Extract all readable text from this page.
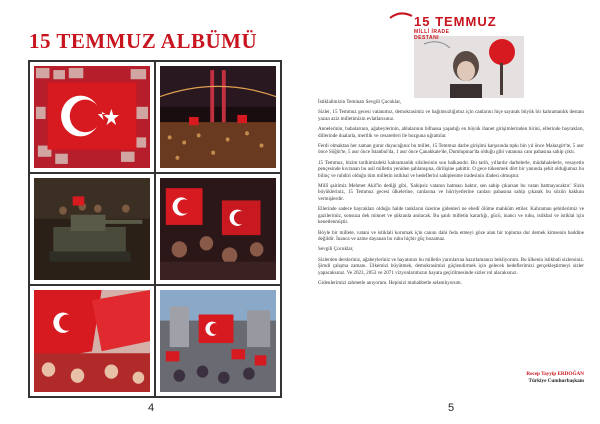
15 TEMMUZ ALBÜMÜ
4
15 TEMMUZ
MİLLİ İRADE
DESTANI

İstiklalimizin Teminatı Sevgili Çocuklar,

Sizler, 15 Temmuz gecesi vatanımız, demokrasimiz ve bağımsızlığımız için canlarını hiçe sayarak büyük bir kahramanlık destanı yazan aziz milletimizin evlatlarısınız.

Annelerinin, babalarının, ağabeylerinin, ablalarının bilhassa yaşadığı en büyük ihanet girişimlerinden birini, ellerinde bayrakları, dillerinde dualarla, mertlik ve cesaretleri ile bozguna uğrattılar.

Ferdi olmaktan her zaman gurur duyacağınız bu millet, 15 Temmuz darbe girişimi karşısında tıpkı bin yıl önce Malazgirt'te, 5 asır önce Söğüt'te, 5 asır önce İstanbul'da, 1 asır önce Çanakkale'de, Dumlupınar'da olduğu gibi vatanına canı pahasına sahip çıktı.

15 Temmuz, bizim tarihimizdeki kahramanlık silsilesinin son halkasıdır. Bu tarih, yıllardır darbelerle, müdahalelerle, vesayetin pençesinde kıvranan bu asil milletin yeniden şahlanışına, dirilişine şahittir. O gece tükenmek dört bir yanında şehit olduğumuz bu bilinç ve ruhdiri olduğu tüm milletin istikbal ve hedeflerini sahiplenme iradesinin ifadesi olmuştur.

Millî şairimiz Mehmet Akif'in dediği gibi, 'Sahipsiz vatanın batması haktır, sen sahip çıkarsan bu vatan batmayacaktır.' Sizin büyükleriniz, 15 Temmuz gecesi ülkelerine, canlarına ve hürriyetlerine canları pahasına sahip çıkarak bu sözün hakkını vermişlerdir.

Ellerinde sadece bayrakları olduğu halde tankların üzerine gidenleri ne ebedî ölüme mahkûm ettiler. Kahraman şehitlerimiz ve gazilerimiz, sonsuza dek minnet ve şükranla anılacak. Bu şanlı milletin kararlığı, gücü, inancı ve ruhu, istikbal ve istiklal için kenetlenmiştir.

Böyle bir millete, vatanı ve istiklali korumak için canını dahi feda etmeyi göze alan bir topluma dur demek kimsenin haddine değildir. İnanca ve azme dayanan bu ruhu hiçbir güç bozamaz.

Sevgili Çocuklar,

Sizlerden dersleriniz, ağabeyleriniz ve hayatınızı bu milletin yarınlarına hazırlamanızı bekliyorum. Bu ülkenin istikbali sizlersiniz. Şimdi çalışma zamanı. Ülkemizi büyütmek, demokrasimizi güçlendirmek için gelecek hedeflerimizi gerçekleştirmeyi sizler yapacaksınız. Ve 2023, 2053 ve 2071 vizyonlarımızın hayata geçirilmesinde sizler rol alacaksınız.

Gidenlerimizi rahmetle anıyorum. Hepinizi muhabbetle selamlıyorum.

Recep Tayyip ERDOĞAN
Türkiye Cumhurbaşkanı
5
